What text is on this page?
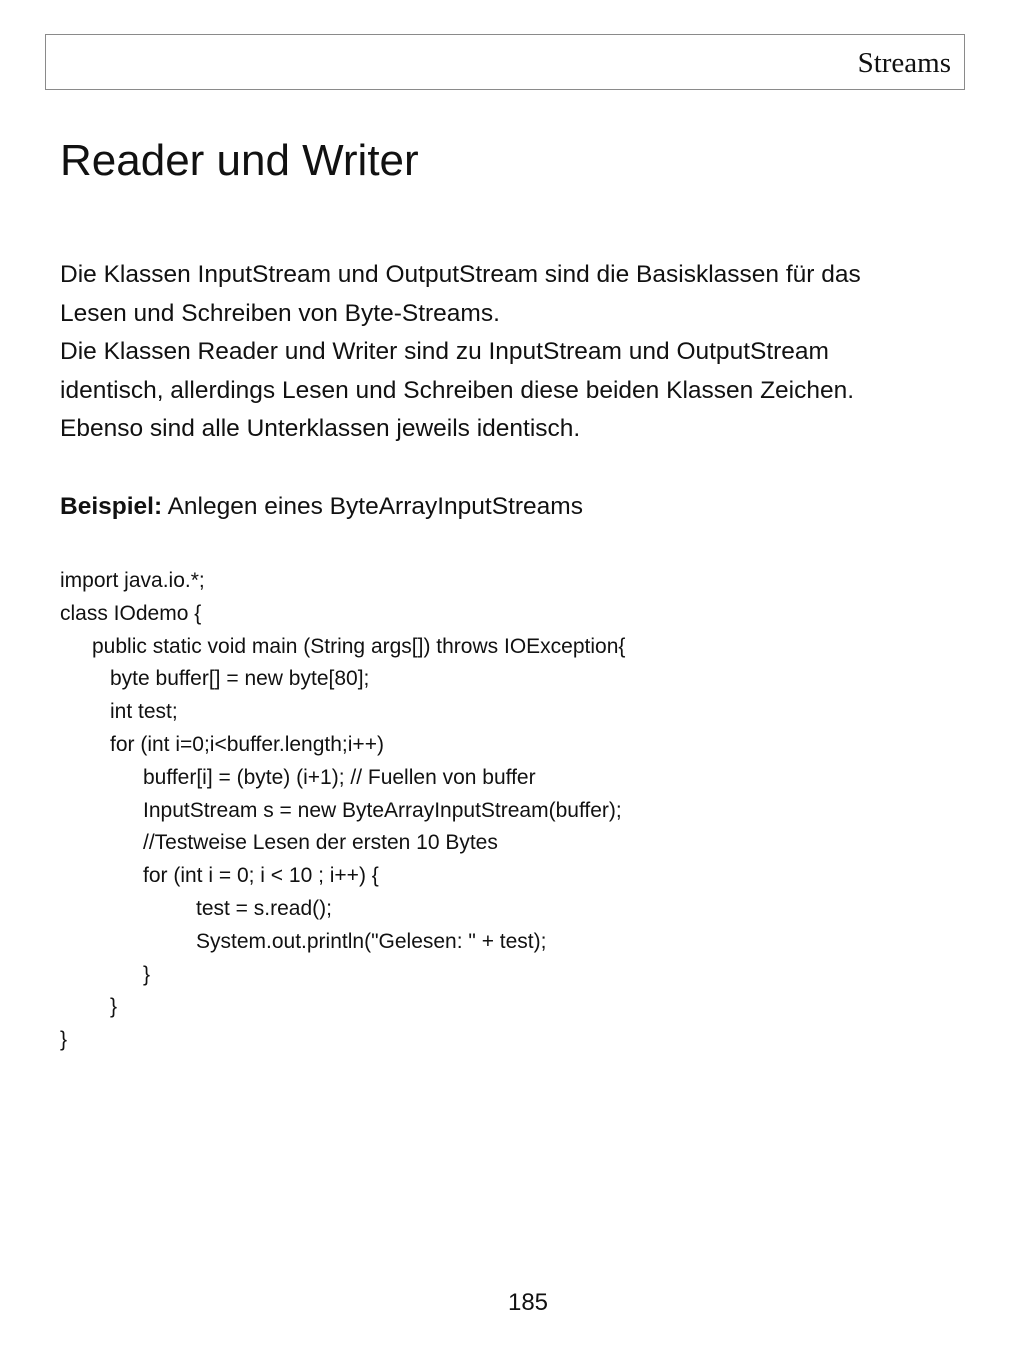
Streams
Reader und Writer
Die Klassen InputStream und OutputStream sind die Basisklassen für das
Lesen und Schreiben von Byte-Streams.
Die Klassen Reader und Writer sind zu InputStream und OutputStream
identisch, allerdings Lesen und Schreiben diese beiden Klassen Zeichen.
Ebenso sind alle Unterklassen jeweils identisch.
Beispiel: Anlegen eines ByteArrayInputStreams
import java.io.*;
class IOdemo {
public static void main (String args[]) throws IOException{
byte buffer[] = new byte[80];
int test;
for (int i=0;i<buffer.length;i++)
buffer[i] = (byte) (i+1); // Fuellen von buffer
InputStream s = new ByteArrayInputStream(buffer);
//Testweise Lesen der ersten 10 Bytes
for (int i = 0; i < 10 ; i++) {
test = s.read();
System.out.println("Gelesen: " + test);
}
}
}
185
